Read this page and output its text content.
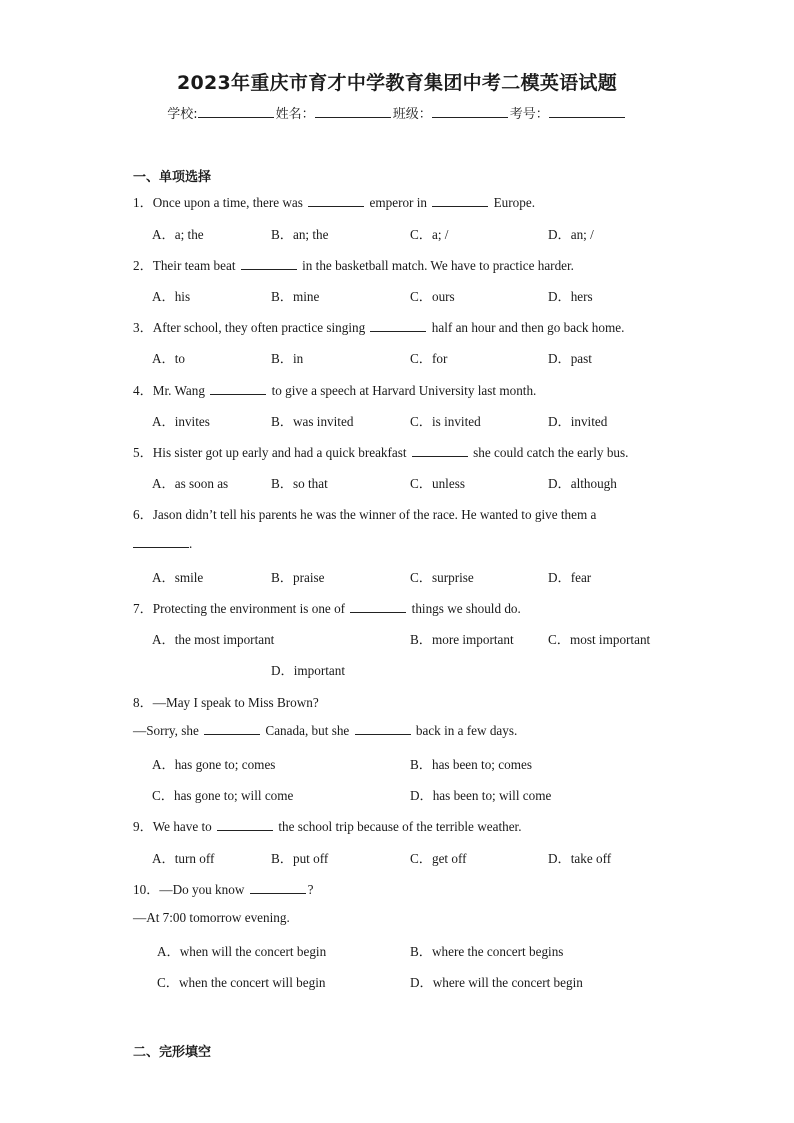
2023年重庆市育才中学教育集团中考二模英语试题
学校:	姓名：	班级：	考号：
一、单项选择
1．Once upon a time, there was	emperor in	Europe.
A．a; the	B．an; the	C．a; /	D．an; /
2．Their team beat	in the basketball match. We have to practice harder.
A．his	B．mine	C．ours	D．hers
3．After school, they often practice singing	half an hour and then go back home.
A．to	B．in	C．for	D．past
4．Mr. Wang	to give a speech at Harvard University last month.
A．invites	B．was invited	C．is invited	D．invited
5．His sister got up early and had a quick breakfast	she could catch the early bus.
A．as soon as	B．so that	C．unless	D．although
6．Jason didn’t tell his parents he was the winner of the race. He wanted to give them a
.
A．smile	B．praise	C．surprise	D．fear
7．Protecting the environment is one of	things we should do.
A．the most important	B．more important	C．most important
D．important
8．—May I speak to Miss Brown?
—Sorry, she	Canada, but she	back in a few days.
A．has gone to; comes	B．has been to; comes
C．has gone to; will come	D．has been to; will come
9．We have to	the school trip because of the terrible weather.
A．turn off	B．put off	C．get off	D．take off
10．—Do you know	?
—At 7:00 tomorrow evening.
A．when will the concert begin	B．where the concert begins
C．when the concert will begin	D．where will the concert begin
二、完形填空
